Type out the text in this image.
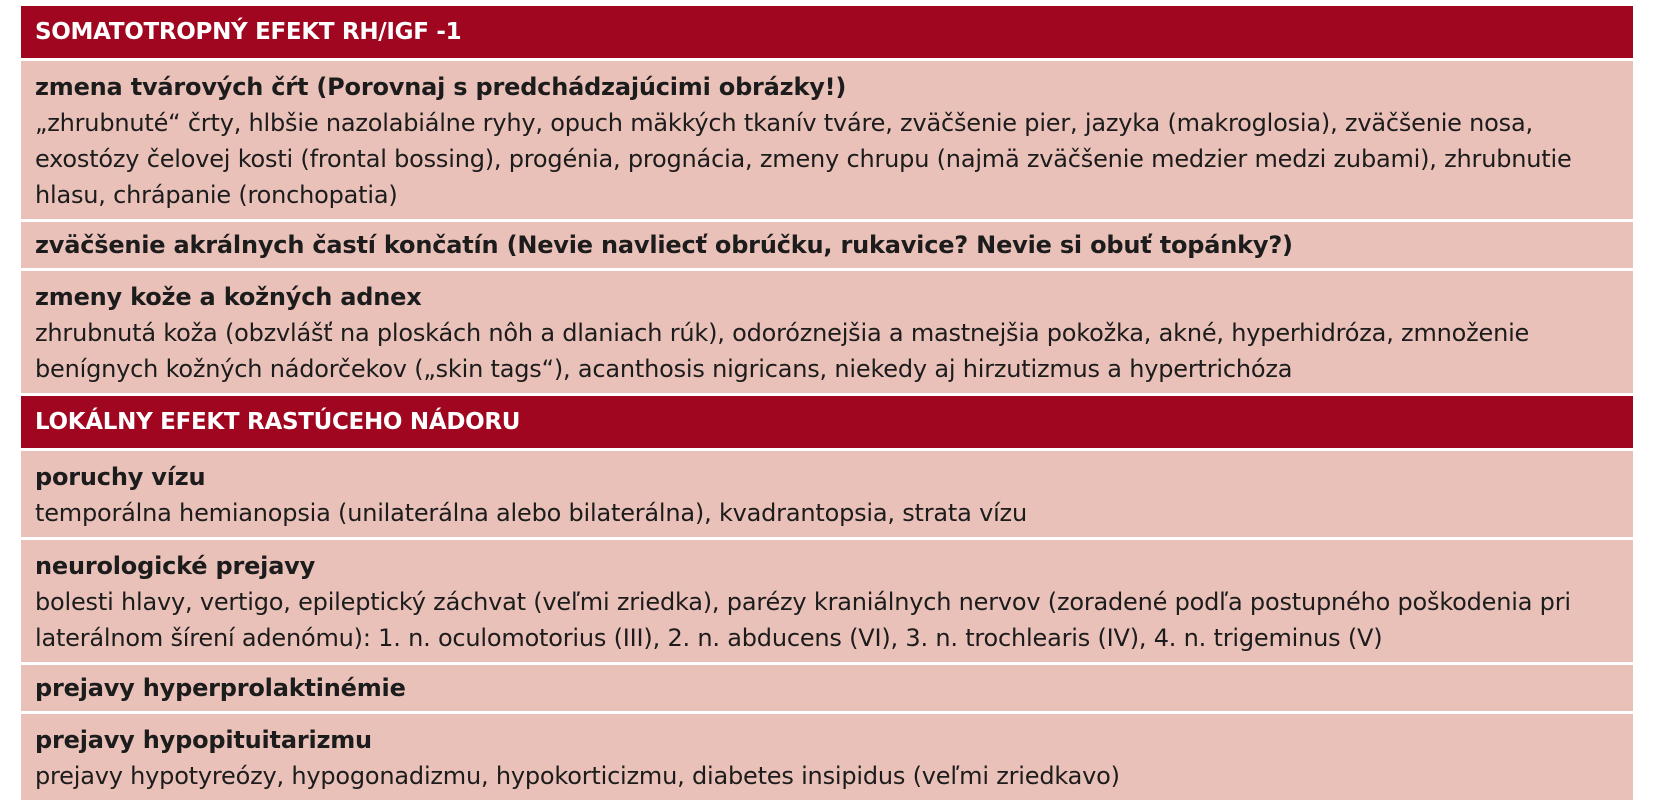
SOMATOTROPNÝ EFEKT RH/IGF -1
zmena tvárových čŕt (Porovnaj s predchádzajúcimi obrázky!)
„zhrubnuté“ črty, hlbšie nazolabiálne ryhy, opuch mäkkých tkanív tváre, zväčšenie pier, jazyka (makroglosia), zväčšenie nosa, exostózy čelovej kosti (frontal bossing), progénia, prognácia, zmeny chrupu (najmä zväčšenie medzier medzi zubami), zhrubnutie hlasu, chrápanie (ronchopatia)
zväčšenie akrálnych častí končatín (Nevie navliecť obrúčku, rukavice? Nevie si obuť topánky?)
zmeny kože a kožných adnex
zhrubnutá koža (obzvlášť na ploskách nôh a dlaniach rúk), odoróznejšia a mastnejšia pokožka, akné, hyperhidróza, zmnoženie benígnych kožných nádorčekov („skin tags“), acanthosis nigricans, niekedy aj hirzutizmus a hypertrichóza
LOKÁLNY EFEKT RASTÚCEHO NÁDORU
poruchy vízu
temporálna hemianopsia (unilaterálna alebo bilaterálna), kvadrantopsia, strata vízu
neurologické prejavy
bolesti hlavy, vertigo, epileptický záchvat (veľmi zriedka), parézy kraniálnych nervov (zoradené podľa postupného poškodenia pri laterálnom šírení adenómu): 1. n. oculomotorius (III), 2. n. abducens (VI), 3. n. trochlearis (IV), 4. n. trigeminus (V)
prejavy hyperprolaktinémie
prejavy hypopituitarizmu
prejavy hypotyreózy, hypogonadizmu, hypokorticizmu, diabetes insipidus (veľmi zriedkavo)
